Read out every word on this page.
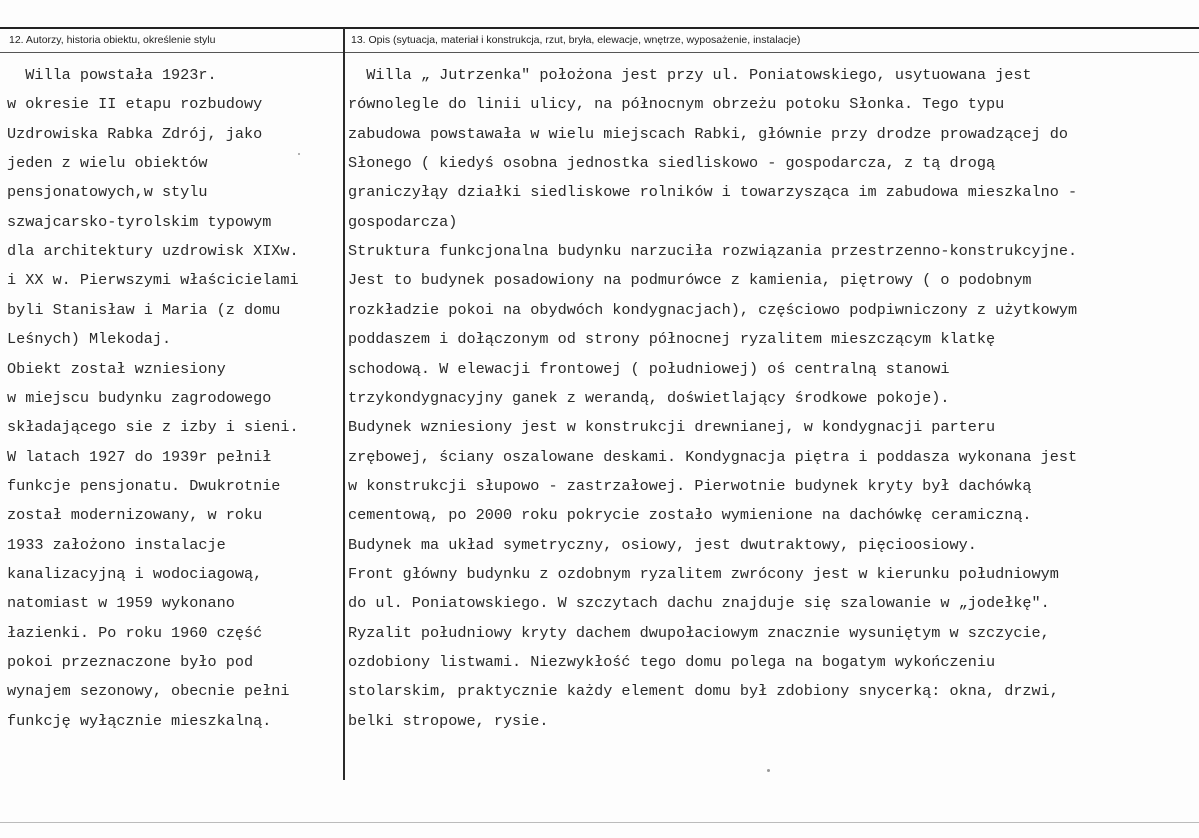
12. Autorzy, historia obiektu, określenie stylu	13. Opis (sytuacja, materiał i konstrukcja, rzut, bryła, elewacje, wnętrze, wyposażenie, instalacje)
Willa powstała 1923r.
w okresie II etapu rozbudowy
Uzdrowiska Rabka Zdrój, jako
jeden z wielu obiektów
pensjonatowych,w stylu
szwajcarsko-tyrolskim typowym
dla architektury uzdrowisk XIXw.
i XX w. Pierwszymi właścicielami
byli Stanisław i Maria (z domu
Leśnych) Mlekodaj.
Obiekt został wzniesiony
w miejscu budynku zagrodowego
składającego sie z izby i sieni.
W latach 1927 do 1939r pełnił
funkcje pensjonatu. Dwukrotnie
został modernizowany, w roku
1933 założono instalacje
kanalizacyjną i wodociagową,
natomiast w 1959 wykonano
łazienki. Po roku 1960 część
pokoi przeznaczone było pod
wynajem sezonowy, obecnie pełni
funkcję wyłącznie mieszkalną.
Willa „ Jutrzenka" położona jest przy ul. Poniatowskiego, usytuowana jest
równolegle do linii ulicy, na północnym obrzeżu potoku Słonka. Tego typu
zabudowa powstawała w wielu miejscach Rabki, głównie przy drodze prowadzącej do
Słonego ( kiedyś osobna jednostka siedliskowo - gospodarcza, z tą drogą
graniczyłąy działki siedliskowe rolników i towarzysząca im zabudowa mieszkalno -
gospodarcza)
Struktura funkcjonalna budynku narzuciła rozwiązania przestrzenno-konstrukcyjne.
Jest to budynek posadowiony na podmurówce z kamienia, piętrowy ( o podobnym
rozkładzie pokoi na obydwóch kondygnacjach), częściowo podpiwniczony z użytkowym
poddaszem i dołączonym od strony północnej ryzalitem mieszczącym klatkę
schodową. W elewacji frontowej ( południowej) oś centralną stanowi
trzykondygnacyjny ganek z werandą, doświetlający środkowe pokoje).
Budynek wzniesiony jest w konstrukcji drewnianej, w kondygnacji parteru
zrębowej, ściany oszalowane deskami. Kondygnacja piętra i poddasza wykonana jest
w konstrukcji słupowo - zastrzałowej. Pierwotnie budynek kryty był dachówką
cementową, po 2000 roku pokrycie zostało wymienione na dachówkę ceramiczną.
Budynek ma układ symetryczny, osiowy, jest dwutraktowy, pięcioosiowy.
Front główny budynku z ozdobnym ryzalitem zwrócony jest w kierunku południowym
do ul. Poniatowskiego. W szczytach dachu znajduje się szalowanie w „jodełkę".
Ryzalit południowy kryty dachem dwupołaciowym znacznie wysuniętym w szczycie,
ozdobiony listwami. Niezwykłość tego domu polega na bogatym wykończeniu
stolarskim, praktycznie każdy element domu był zdobiony snycerką: okna, drzwi,
belki stropowe, rysie.
